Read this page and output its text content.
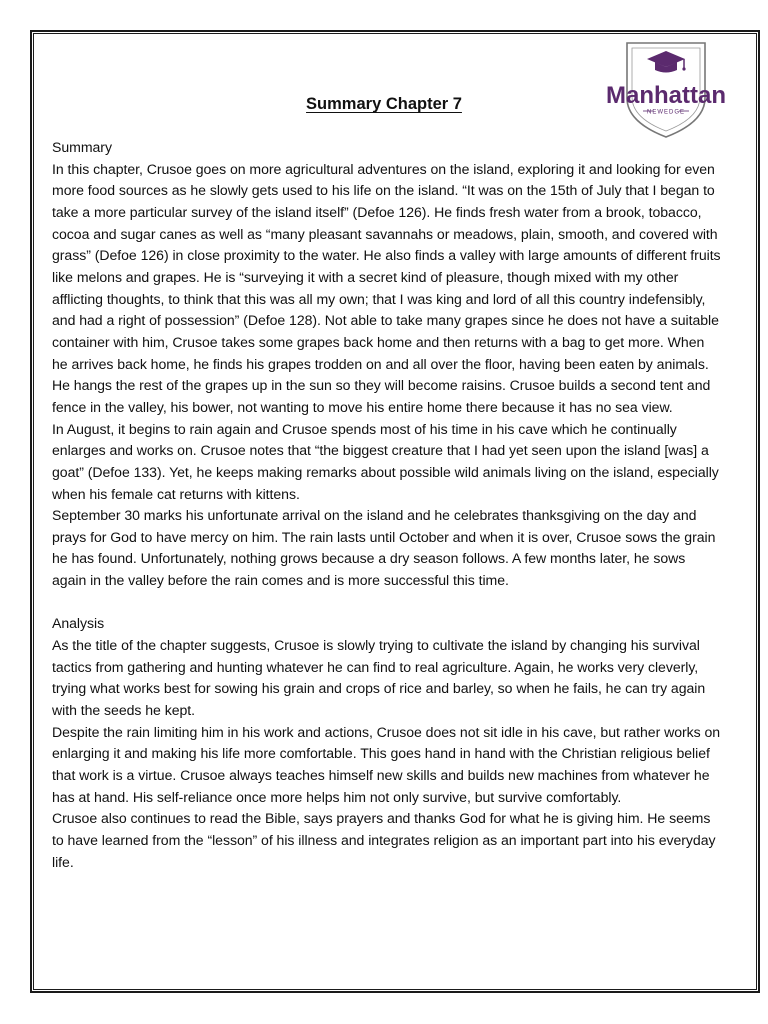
Manhattan
NEWEDGE
Summary Chapter 7

Summary

In this chapter, Crusoe goes on more agricultural adventures on the island, exploring it and looking for even more food sources as he slowly gets used to his life on the island. “It was on the 15th of July that I began to take a more particular survey of the island itself” (Defoe 126). He finds fresh water from a brook, tobacco, cocoa and sugar canes as well as “many pleasant savannahs or meadows, plain, smooth, and covered with grass” (Defoe 126) in close proximity to the water. He also finds a valley with large amounts of different fruits like melons and grapes. He is “surveying it with a secret kind of pleasure, though mixed with my other afflicting thoughts, to think that this was all my own; that I was king and lord of all this country indefensibly, and had a right of possession” (Defoe 128). Not able to take many grapes since he does not have a suitable container with him, Crusoe takes some grapes back home and then returns with a bag to get more. When he arrives back home, he finds his grapes trodden on and all over the floor, having been eaten by animals. He hangs the rest of the grapes up in the sun so they will become raisins. Crusoe builds a second tent and fence in the valley, his bower, not wanting to move his entire home there because it has no sea view.

In August, it begins to rain again and Crusoe spends most of his time in his cave which he continually enlarges and works on. Crusoe notes that “the biggest creature that I had yet seen upon the island [was] a goat” (Defoe 133). Yet, he keeps making remarks about possible wild animals living on the island, especially when his female cat returns with kittens.

September 30 marks his unfortunate arrival on the island and he celebrates thanksgiving on the day and prays for God to have mercy on him. The rain lasts until October and when it is over, Crusoe sows the grain he has found. Unfortunately, nothing grows because a dry season follows. A few months later, he sows again in the valley before the rain comes and is more successful this time.

Analysis

As the title of the chapter suggests, Crusoe is slowly trying to cultivate the island by changing his survival tactics from gathering and hunting whatever he can find to real agriculture. Again, he works very cleverly, trying what works best for sowing his grain and crops of rice and barley, so when he fails, he can try again with the seeds he kept.

Despite the rain limiting him in his work and actions, Crusoe does not sit idle in his cave, but rather works on enlarging it and making his life more comfortable. This goes hand in hand with the Christian religious belief that work is a virtue. Crusoe always teaches himself new skills and builds new machines from whatever he has at hand. His self-reliance once more helps him not only survive, but survive comfortably.

Crusoe also continues to read the Bible, says prayers and thanks God for what he is giving him. He seems to have learned from the “lesson” of his illness and integrates religion as an important part into his everyday life.
